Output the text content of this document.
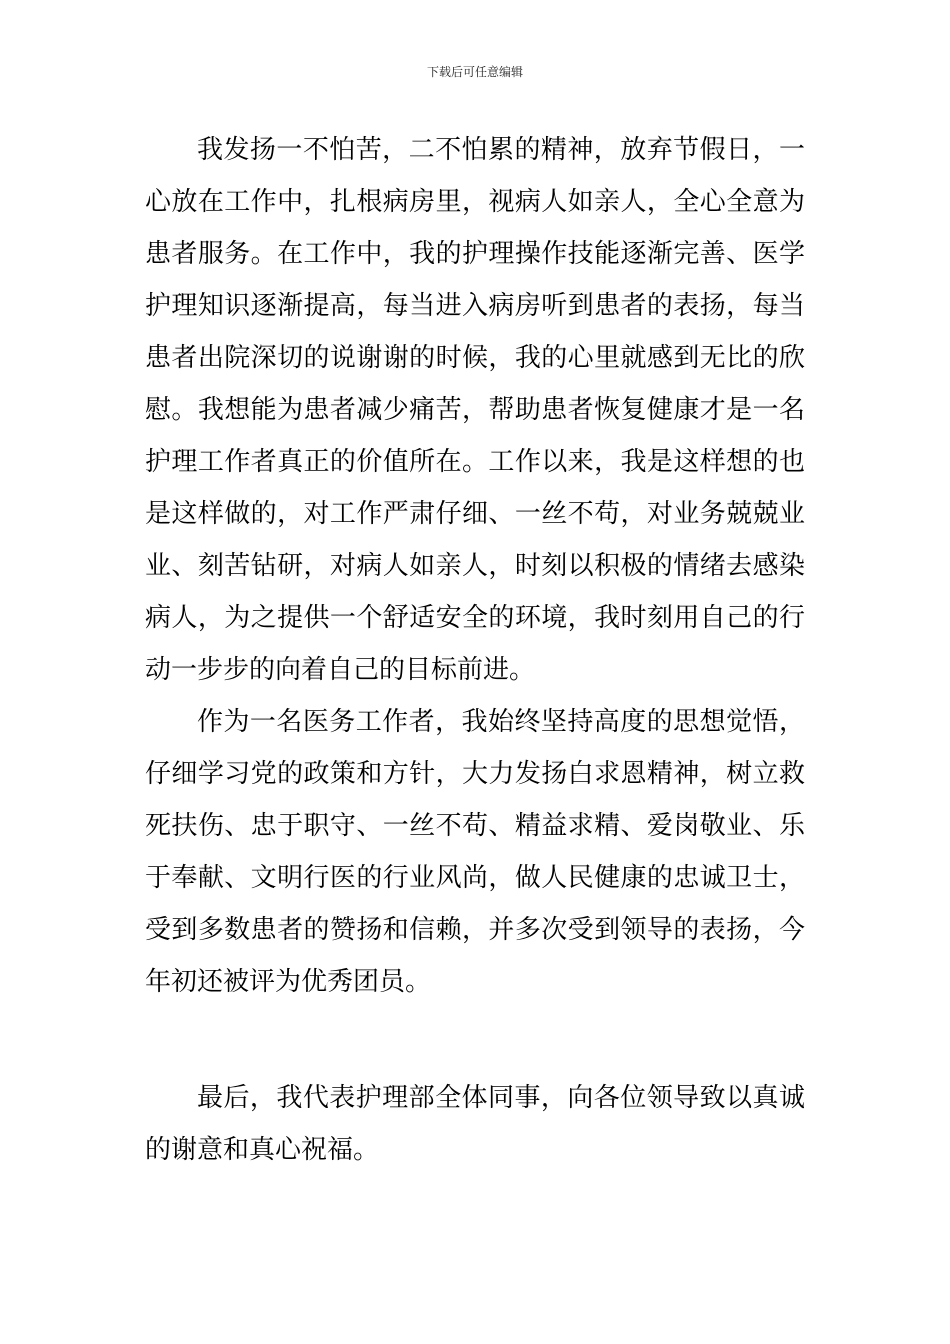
下载后可任意编辑

我发扬一不怕苦，二不怕累的精神，放弃节假日，一心放在工作中，扎根病房里，视病人如亲人，全心全意为患者服务。在工作中，我的护理操作技能逐渐完善、医学护理知识逐渐提高，每当进入病房听到患者的表扬，每当患者出院深切的说谢谢的时候，我的心里就感到无比的欣慰。我想能为患者减少痛苦，帮助患者恢复健康才是一名护理工作者真正的价值所在。工作以来，我是这样想的也是这样做的，对工作严肃仔细、一丝不苟，对业务兢兢业业、刻苦钻研，对病人如亲人，时刻以积极的情绪去感染病人，为之提供一个舒适安全的环境，我时刻用自己的行动一步步的向着自己的目标前进。

作为一名医务工作者，我始终坚持高度的思想觉悟，仔细学习党的政策和方针，大力发扬白求恩精神，树立救死扶伤、忠于职守、一丝不苟、精益求精、爱岗敬业、乐于奉献、文明行医的行业风尚，做人民健康的忠诚卫士，受到多数患者的赞扬和信赖，并多次受到领导的表扬，今年初还被评为优秀团员。

最后，我代表护理部全体同事，向各位领导致以真诚的谢意和真心祝福。
